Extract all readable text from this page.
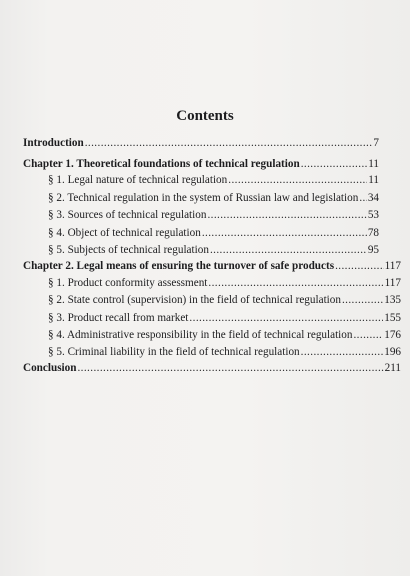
Contents
Introduction .....	7
Chapter 1. Theoretical foundations of technical regulation .....	11
§ 1. Legal nature of technical regulation .....	11
§ 2. Technical regulation in the system of Russian law and legislation ..... 34
§ 3. Sources of technical regulation .....	53
§ 4. Object of technical regulation .....	78
§ 5. Subjects of technical regulation .....	95
Chapter 2. Legal means of ensuring the turnover of safe products .....	117
§ 1. Product conformity assessment .....	117
§ 2. State control (supervision) in the field of technical regulation .....	135
§ 3. Product recall from market .....	155
§ 4. Administrative responsibility in the field of technical regulation .....	176
§ 5. Criminal liability in the field of technical regulation .....	196
Conclusion .....	211
